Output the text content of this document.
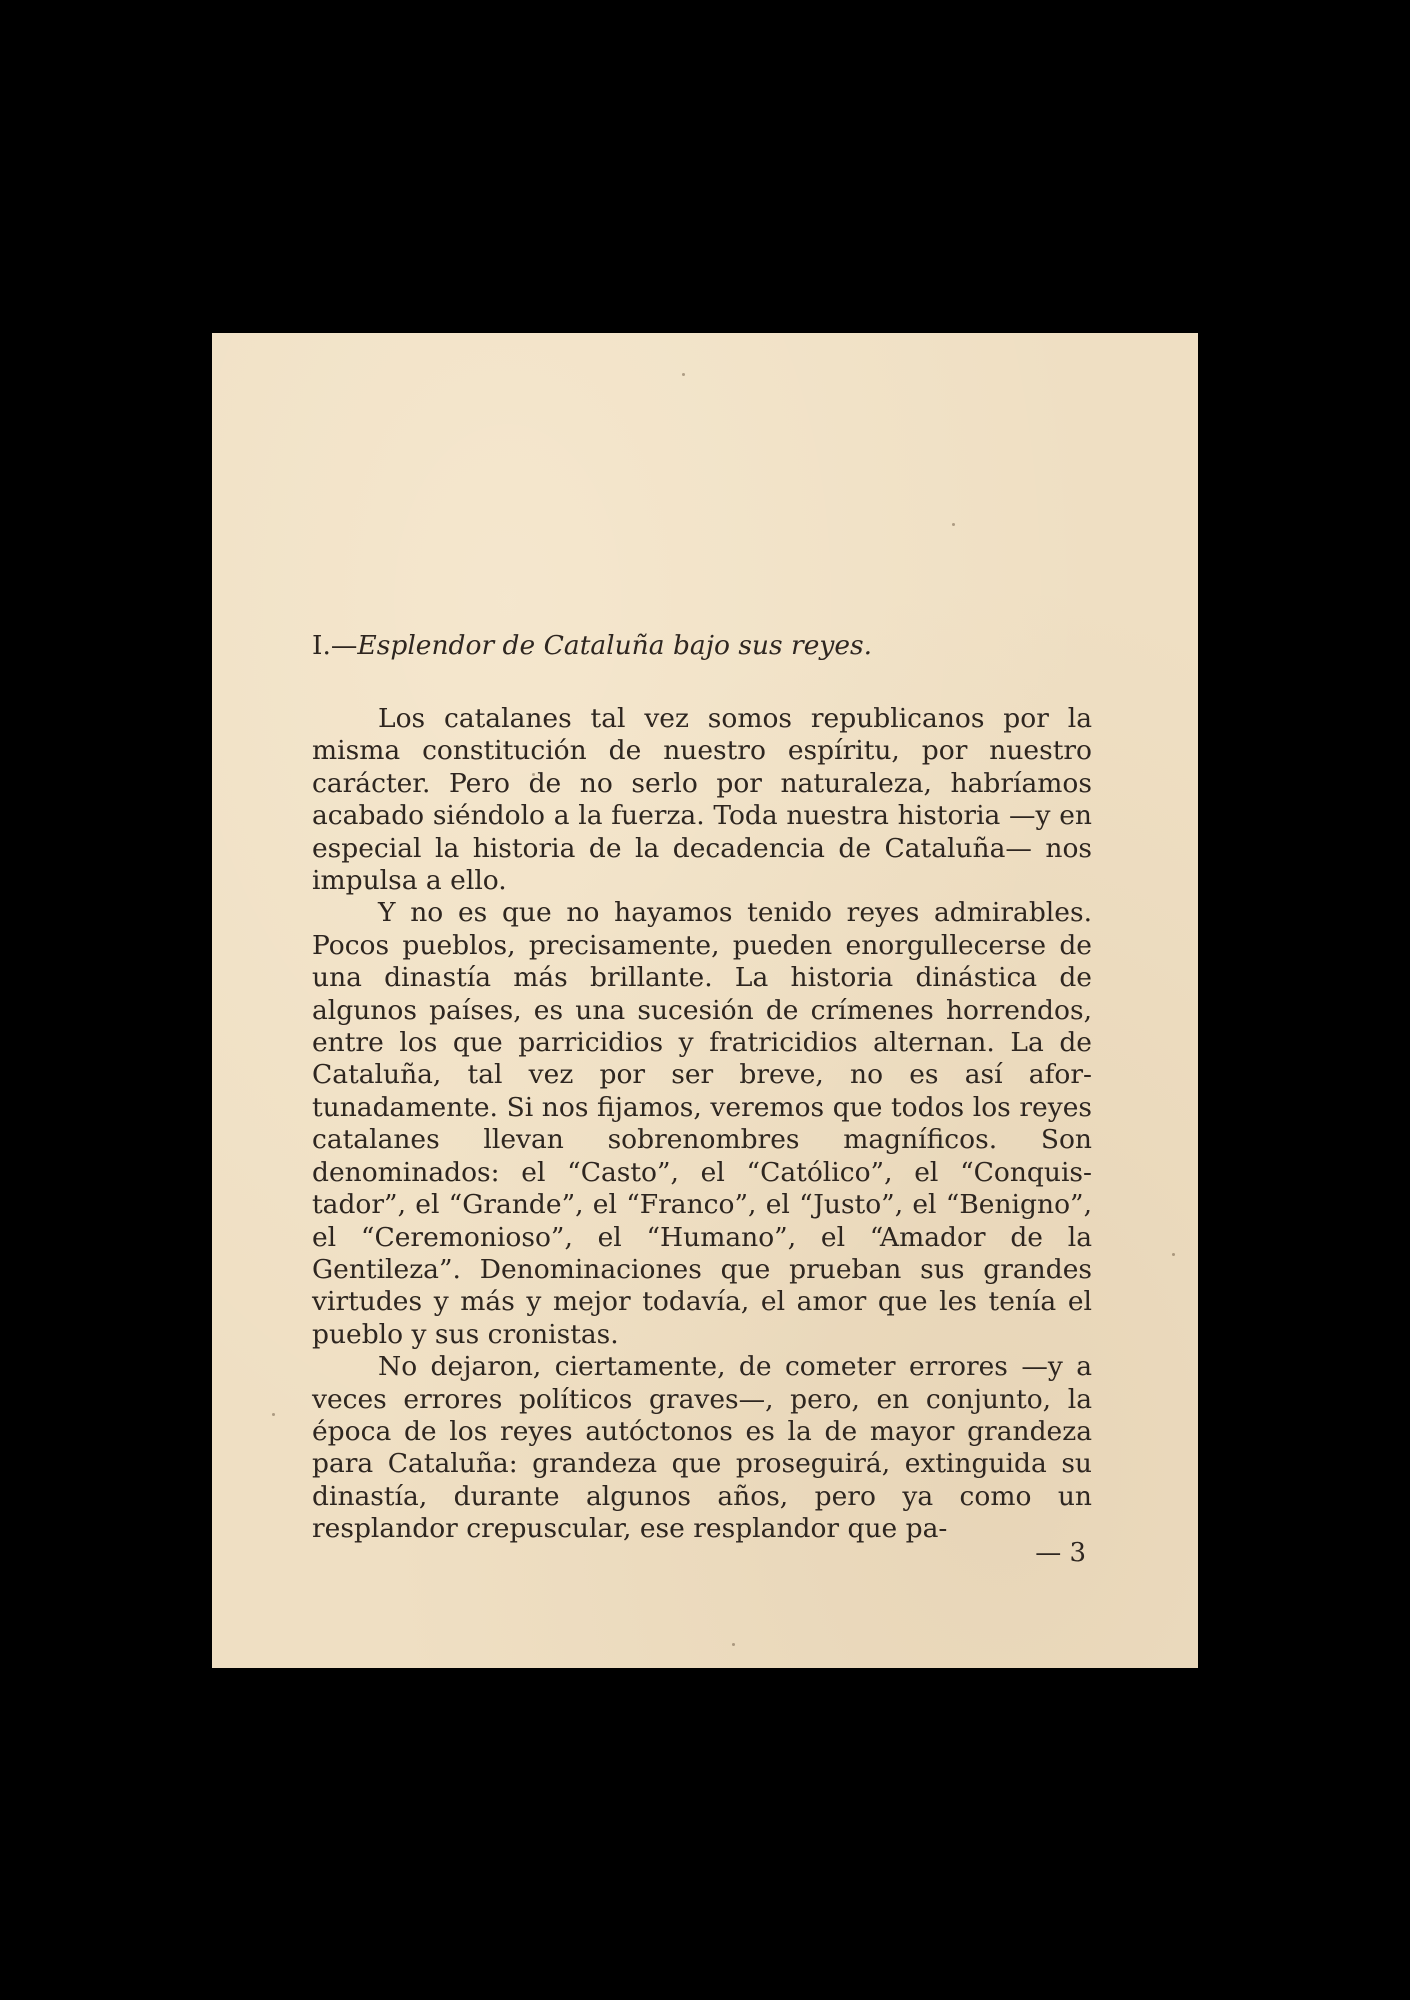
I.—Esplendor de Cataluña bajo sus reyes.

Los catalanes tal vez somos republicanos por la misma constitución de nuestro espíritu, por nuestro carácter. Pero de no serlo por naturaleza, habríamos acabado siéndolo a la fuerza. Toda nuestra historia —y en especial la historia de la decadencia de Cataluña— nos impulsa a ello.

Y no es que no hayamos tenido reyes admirables. Pocos pueblos, precisamente, pueden enorgullecerse de una dinastía más brillante. La historia dinástica de algunos países, es una sucesión de crímenes horrendos, entre los que parricidios y fratricidios alternan. La de Cataluña, tal vez por ser breve, no es así afortunadamente. Si nos fijamos, veremos que todos los reyes catalanes llevan sobrenombres magníficos. Son denominados: el “Casto”, el “Católico”, el “Conquistador”, el “Grande”, el “Franco”, el “Justo”, el “Benigno”, el “Ceremonioso”, el “Humano”, el “Amador de la Gentileza”. Denominaciones que prueban sus grandes virtudes y más y mejor todavía, el amor que les tenía el pueblo y sus cronistas.

No dejaron, ciertamente, de cometer errores —y a veces errores políticos graves—, pero, en conjunto, la época de los reyes autóctonos es la de mayor grandeza para Cataluña: grandeza que proseguirá, extinguida su dinastía, durante algunos años, pero ya como un resplandor crepuscular, ese resplandor que pa-

— 3
